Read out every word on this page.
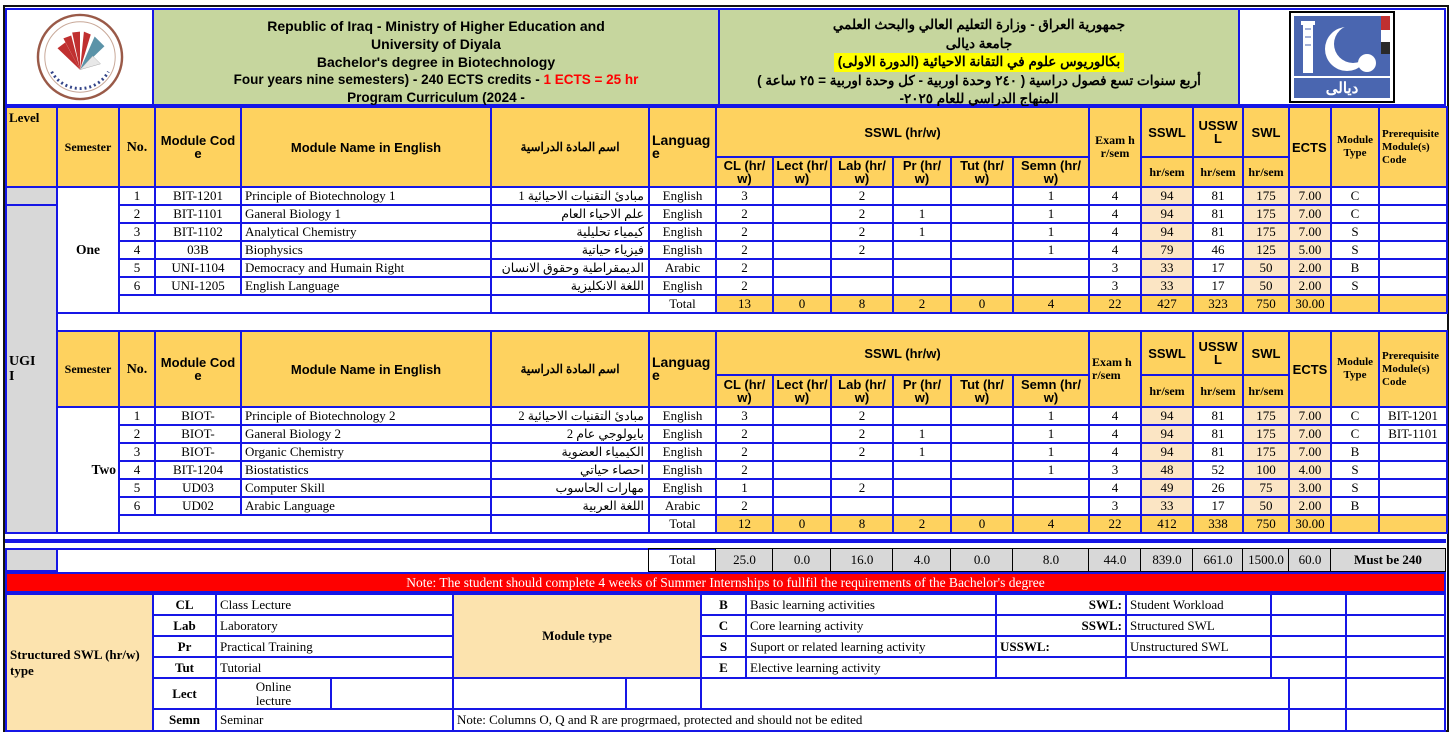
Republic of Iraq - Ministry of Higher Education and
University of Diyala
Bachelor's degree in Biotechnology
Four years nine semesters) - 240 ECTS credits - 1 ECTS = 25 hr
Program Curriculum (2024 -
جمهورية العراق - وزارة التعليم العالي والبحث العلمي
جامعة ديالى
بكالوريوس علوم في التقانة الاحيائية (الدورة الاولى)
أربع سنوات تسع فصول دراسية ( ٢٤٠ وحدة اوربية - كل وحدة اوربية = ٢٥ ساعة )
المنهاج الدراسي للعام ٢٠٢٥-
ديالى
Level
UGII
Semester	No.	Module Code	Module Name in English	اسم المادة الدراسية	Language	SSWL (hr/w)						Exam hr/sem	SSWL	USSWL	SWL	ECTS	Module Type	Prerequisite Module(s) Code
						CL (hr/w)	Lect (hr/w)	Lab (hr/w)	Pr (hr/w)	Tut (hr/w)	Semn (hr/w)		hr/sem	hr/sem	hr/sem			
One	1	BIT-1201	Principle of Biotechnology 1	مبادئ التقنيات الاحيائية 1	English	3		2			1	4	94	81	175	7.00	C	
	2	BIT-1101	Ganeral Biology 1	علم الاحياء العام	English	2		2	1		1	4	94	81	175	7.00	C	
	3	BIT-1102	Analytical Chemistry	كيمياء تحليلية	English	2		2	1		1	4	94	81	175	7.00	S	
	4	03B	Biophysics	فيزياء حياتية	English	2		2			1	4	79	46	125	5.00	S	
	5	UNI-1104	Democracy and Humain Right	الديمقراطية وحقوق الانسان	Arabic	2						3	33	17	50	2.00	B	
	6	UNI-1205	English Language	اللغة الانكليزية	English	2						3	33	17	50	2.00	S	
					Total	13	0	8	2	0	4	22	427	323	750	30.00		
Semester	No.	Module Code	Module Name in English	اسم المادة الدراسية	Language	SSWL (hr/w)						Exam hr/sem	SSWL	USSWL	SWL	ECTS	Module Type	Prerequisite Module(s) Code
						CL (hr/w)	Lect (hr/w)	Lab (hr/w)	Pr (hr/w)	Tut (hr/w)	Semn (hr/w)		hr/sem	hr/sem	hr/sem			
Two	1	BIOT-	Principle of Biotechnology 2	مبادئ التقنيات الاحيائية 2	English	3		2			1	4	94	81	175	7.00	C	BIT-1201
	2	BIOT-	Ganeral Biology 2	بايولوجي عام 2	English	2		2	1		1	4	94	81	175	7.00	C	BIT-1101
	3	BIOT-	Organic Chemistry	الكيمياء العضوية	English	2		2	1		1	4	94	81	175	7.00	B	
	4	BIT-1204	Biostatistics	احصاء حياتي	English	2					1	3	48	52	100	4.00	S	
	5	UD03	Computer Skill	مهارات الحاسوب	English	1		2				4	49	26	75	3.00	S	
	6	UD02	Arabic Language	اللغة العربية	Arabic	2						3	33	17	50	2.00	B	
					Total	12	0	8	2	0	4	22	412	338	750	30.00		
Total	25.0	0.0	16.0	4.0	0.0	8.0	44.0	839.0	661.0	1500.0	60.0	Must be 240
Note: The student should complete 4 weeks of Summer Internships to fullfil the requirements of the Bachelor's degree
Structured SWL (hr/w) type
CL	Class Lecture
Lab	Laboratory
Pr	Practical Training
Tut	Tutorial
Lect	Online lecture
Semn	Seminar
Module type
B	Basic learning activities
C	Core learning activity
S	Suport or related learning activity
E	Elective learning activity
SWL: Student Workload
SSWL: Structured SWL
USSWL:	Unstructured SWL
Note: Columns O, Q and R are progrmaed, protected and should not be edited
